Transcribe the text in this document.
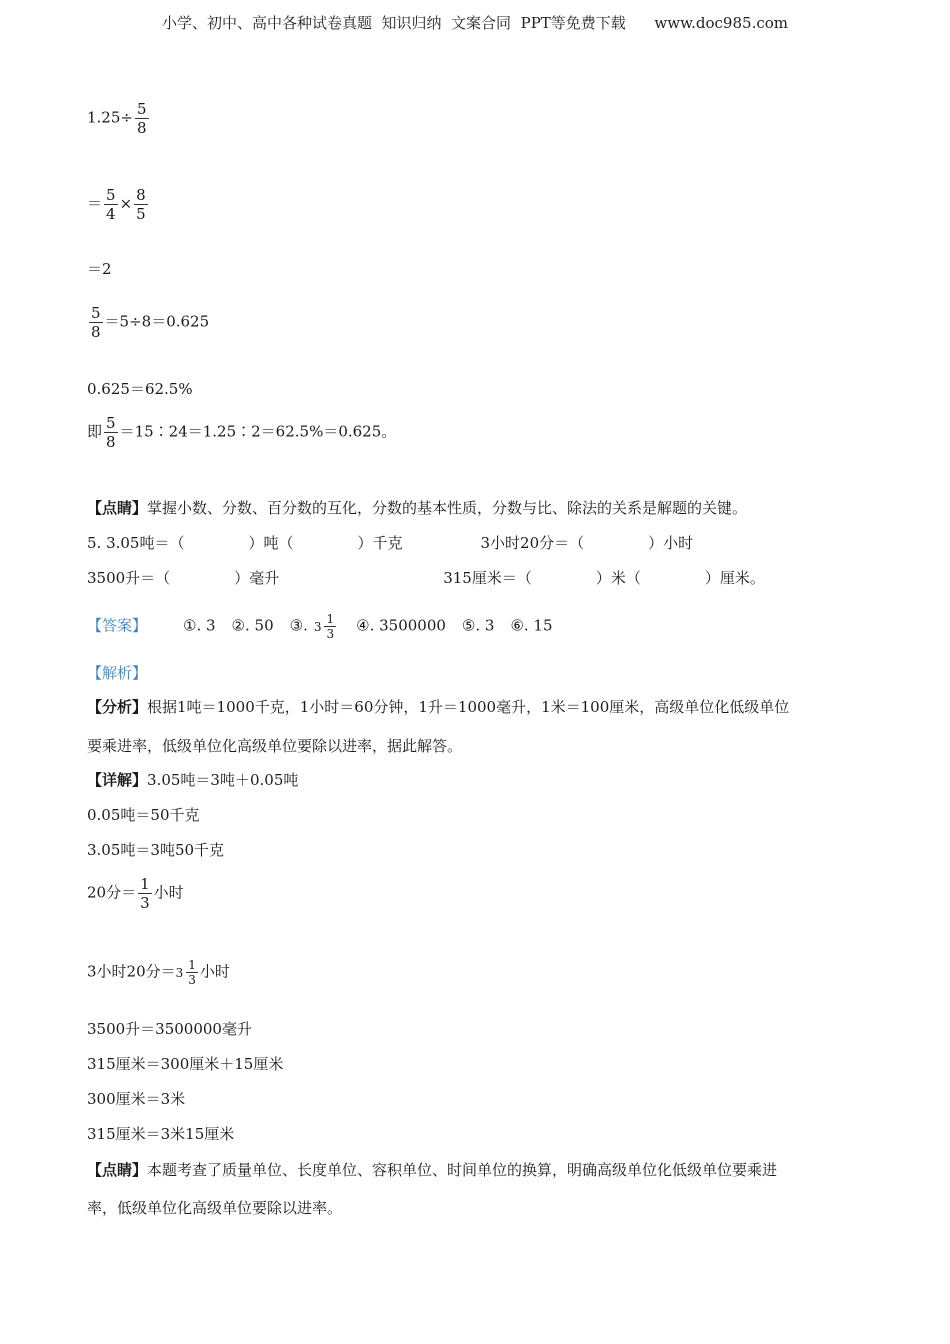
小学、初中、高中各种试卷真题  知识归纳  文案合同  PPT等免费下载      www.doc985.com
$1.25\div \frac{5}{8}$
＝ $\frac{5}{4} \times \frac{8}{5}$
＝2
$\frac{5}{8} =5\div 8=0.625$
0.625＝62.5%
即 $\frac{5}{8}$ ＝15∶24＝1.25∶2＝62.5%＝0.625。
【点睛】掌握小数、分数、百分数的互化，分数的基本性质，分数与比、除法的关系是解题的关键。
5. 3.05吨＝（	）吨（	）千克	3小时20分＝（	）小时
3500升＝（	）毫升	315厘米＝（	）米（	）厘米。
【答案】 ①. 3 ②. 50 ③. $3 \frac{1}{3}$ ④. 3500000 ⑤. 3 ⑥. 15
【解析】
【分析】根据1吨＝1000千克，1小时＝60分钟，1升＝1000毫升，1米＝100厘米，高级单位化低级单位
要乘进率，低级单位化高级单位要除以进率，据此解答。
【详解】3.05吨＝3吨＋0.05吨
0.05吨＝50千克
3.05吨＝3吨50千克
20分＝ $\frac{1}{3}$ 小时
3小时20分＝ $3 \frac{1}{3}$ 小时
3500升＝3500000毫升
315厘米＝300厘米＋15厘米
300厘米＝3米
315厘米＝3米15厘米
【点睛】本题考查了质量单位、长度单位、容积单位、时间单位的换算，明确高级单位化低级单位要乘进
率，低级单位化高级单位要除以进率。
